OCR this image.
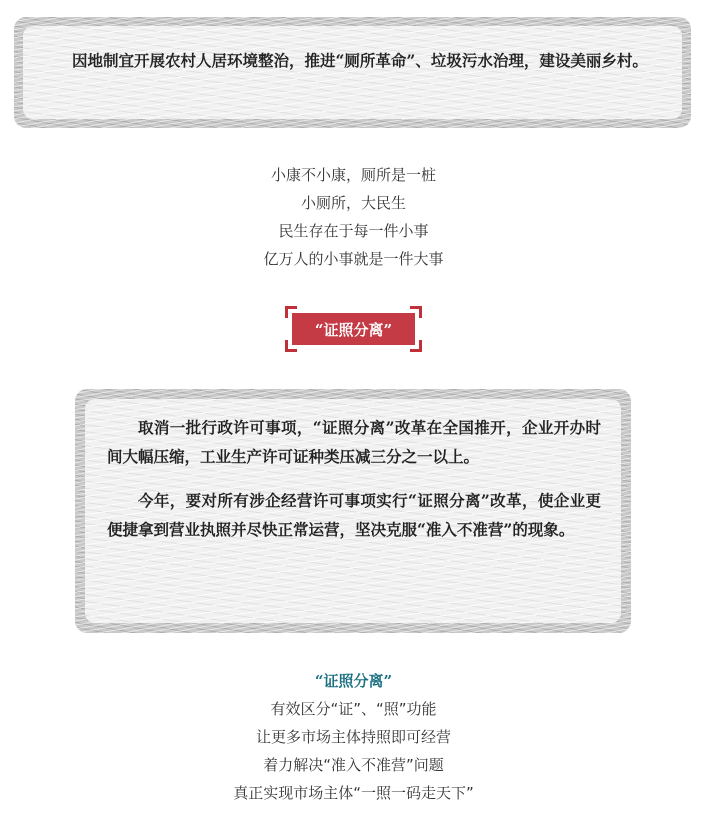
因地制宜开展农村人居环境整治，推进“厕所革命”、垃圾污水治理，建设美丽乡村。

小康不小康，厕所是一桩
小厕所，大民生
民生存在于每一件小事
亿万人的小事就是一件大事
“证照分离”

取消一批行政许可事项，“证照分离”改革在全国推开，企业开办时间大幅压缩，工业生产许可证种类压减三分之一以上。

今年，要对所有涉企经营许可事项实行“证照分离”改革，使企业更便捷拿到营业执照并尽快正常运营，坚决克服“准入不准营”的现象。

“证照分离”
有效区分“证”、“照”功能
让更多市场主体持照即可经营
着力解决“准入不准营”问题
真正实现市场主体“一照一码走天下”
